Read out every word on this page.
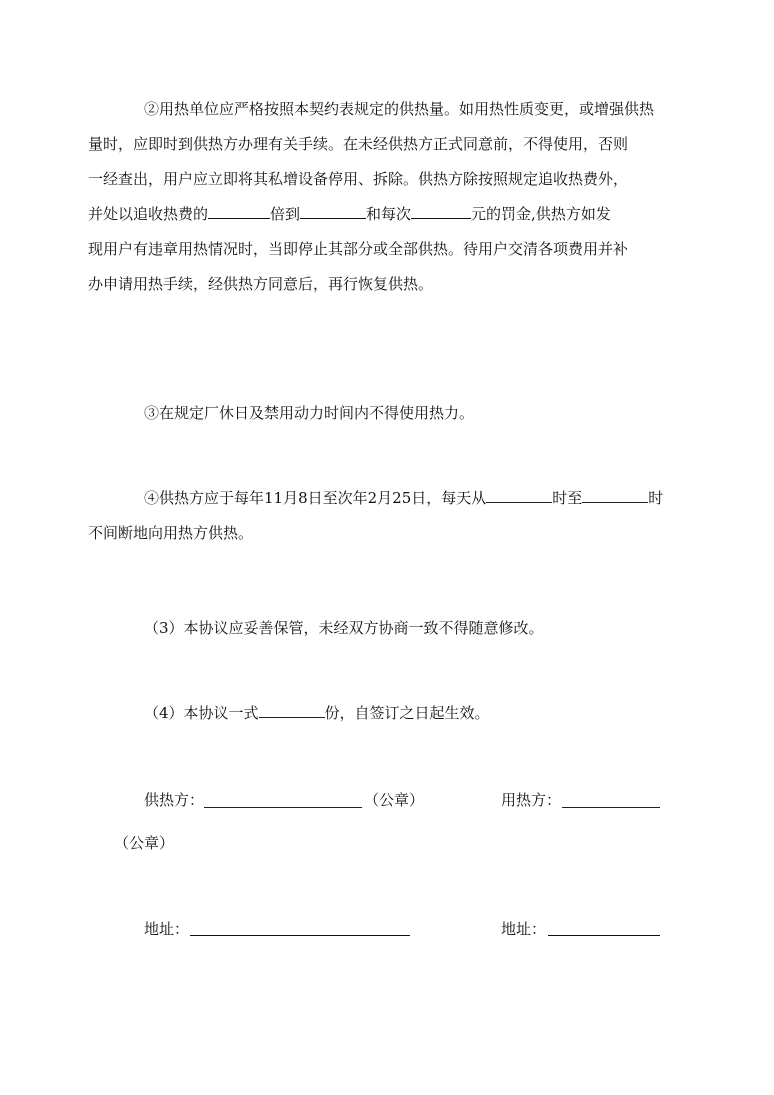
②用热单位应严格按照本契约表规定的供热量。如用热性质变更，或增强供热
量时，应即时到供热方办理有关手续。在未经供热方正式同意前，不得使用，否则
一经查出，用户应立即将其私增设备停用、拆除。供热方除按照规定追收热费外，
并处以追收热费的	倍到	和每次	元的罚金,供热方如发
现用户有违章用热情况时，当即停止其部分或全部供热。待用户交清各项费用并补
办申请用热手续，经供热方同意后，再行恢复供热。
③在规定厂休日及禁用动力时间内不得使用热力。
④供热方应于每年11月8日至次年2月25日，每天从	时至	时
不间断地向用热方供热。
（3）本协议应妥善保管，未经双方协商一致不得随意修改。
（4）本协议一式	份，自签订之日起生效。
供热方：	（公章）	用热方：
（公章）
地址：	地址：
